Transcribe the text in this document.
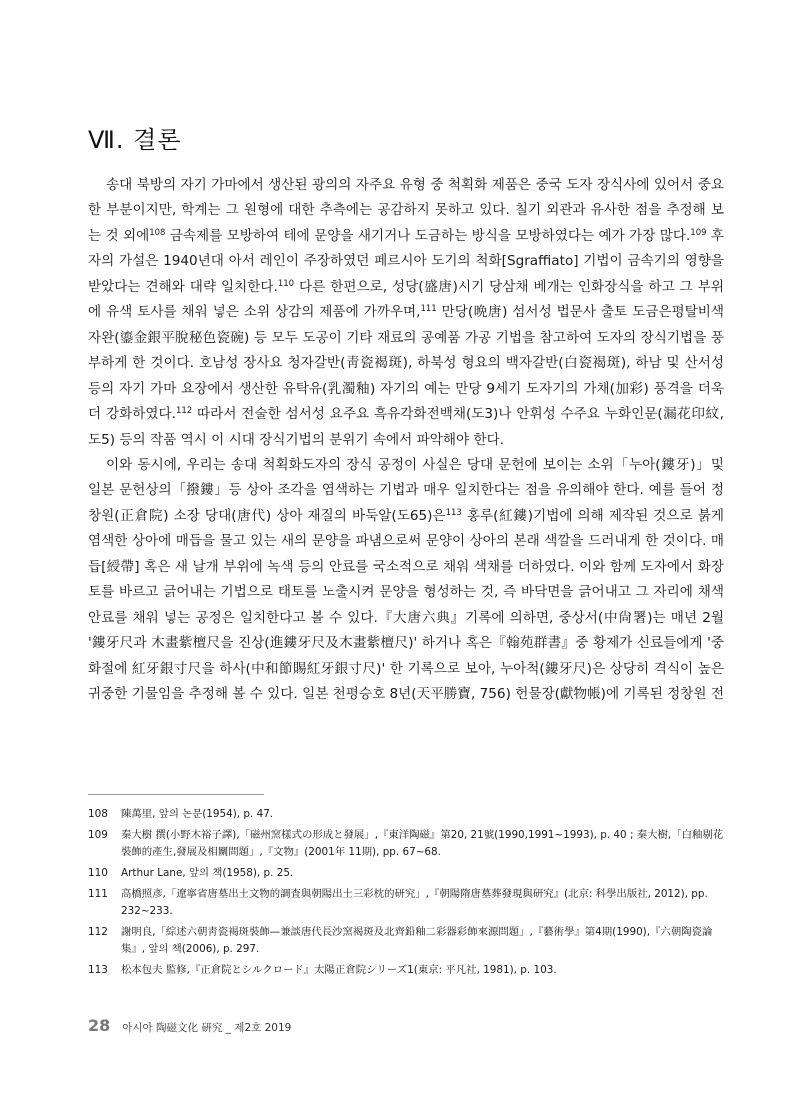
Ⅶ. 결론

송대 북방의 자기 가마에서 생산된 광의의 자주요 유형 중 척획화 제품은 중국 도자 장식사에 있어서 중요한 부분이지만, 학계는 그 원형에 대한 추측에는 공감하지 못하고 있다. 칠기 외관과 유사한 점을 추정해 보는 것 외에$^{108}$ 금속제를 모방하여 테에 문양을 새기거나 도금하는 방식을 모방하였다는 예가 가장 많다.$^{109}$ 후자의 가설은 1940년대 아서 레인이 주장하였던 페르시아 도기의 척화[Sgraffiato] 기법이 금속기의 영향을 받았다는 견해와 대략 일치한다.$^{110}$ 다른 한편으로, 성당(盛唐)시기 당삼채 베개는 인화장식을 하고 그 부위에 유색 토사를 채워 넣은 소위 상감의 제품에 가까우며,$^{111}$ 만당(晩唐) 섬서성 법문사 출토 도금은평탈비색자완(鎏金銀平脫秘色瓷碗) 등 모두 도공이 기타 재료의 공예품 가공 기법을 참고하여 도자의 장식기법을 풍부하게 한 것이다. 호남성 장사요 청자갈반(靑瓷褐斑), 하북성 형요의 백자갈반(白瓷褐斑), 하남 및 산서성 등의 자기 가마 요장에서 생산한 유탁유(乳濁釉) 자기의 예는 만당 9세기 도자기의 가채(加彩) 풍격을 더욱 더 강화하였다.$^{112}$ 따라서 전술한 섬서성 요주요 흑유각화전백채(도3)나 안휘성 수주요 누화인문(漏花印紋, 도5) 등의 작품 역시 이 시대 장식기법의 분위기 속에서 파악해야 한다.

이와 동시에, 우리는 송대 척획화도자의 장식 공정이 사실은 당대 문헌에 보이는 소위「누아(鏤牙)」및 일본 문헌상의「撥鏤」등 상아 조각을 염색하는 기법과 매우 일치한다는 점을 유의해야 한다. 예를 들어 정창원(正倉院) 소장 당대(唐代) 상아 재질의 바둑알(도65)은$^{113}$ 홍루(紅鏤)기법에 의해 제작된 것으로 붉게 염색한 상아에 매듭을 물고 있는 새의 문양을 파냄으로써 문양이 상아의 본래 색깔을 드러내게 한 것이다. 매듭[綬帶] 혹은 새 날개 부위에 녹색 등의 안료를 국소적으로 채워 색채를 더하였다. 이와 함께 도자에서 화장토를 바르고 긁어내는 기법으로 태토를 노출시켜 문양을 형성하는 것, 즉 바닥면을 긁어내고 그 자리에 채색 안료를 채워 넣는 공정은 일치한다고 볼 수 있다.『大唐六典』기록에 의하면, 중상서(中尙署)는 매년 2월 '鏤牙尺과 木畫紫檀尺을 진상(進鏤牙尺及木畫紫檀尺)' 하거나 혹은『翰苑群書』중 황제가 신료들에게 '중화절에 紅牙銀寸尺을 하사(中和節賜紅牙銀寸尺)' 한 기록으로 보아, 누아척(鏤牙尺)은 상당히 격식이 높은 귀중한 기물임을 추정해 볼 수 있다. 일본 천평승호 8년(天平勝寶, 756) 헌물장(獻物帳)에 기록된 정창원 전

108	陳萬里, 앞의 논문(1954), p. 47.
109	秦大樹 撰(小野木裕子譯),「磁州窯樣式の形成と發展」,『東洋陶磁』第20, 21號(1990,1991~1993), p. 40 ; 秦大樹,「白釉剔花裝飾的產生,發展及相關問題」,『文物』(2001年 11期), pp. 67~68.
110	Arthur Lane, 앞의 책(1958), p. 25.
111	高橋照彥,「遼寧省唐墓出土文物的調査與朝陽出土三彩枕的研究」,『朝陽隋唐墓葬發現與研究』(北京: 科學出版社, 2012), pp. 232~233.
112	謝明良,「綜述六朝靑瓷褐斑裝飾—兼談唐代長沙窯褐斑及北齊鉛釉二彩器彩飾來源問題」,『藝術學』第4期(1990),『六朝陶瓷論集』, 앞의 책(2006), p. 297.
113	松本包夫 監修,『正倉院とシルクロード』太陽正倉院シリーズ1(東京: 平凡社, 1981), p. 103.
28 아시아 陶磁文化 硏究 _ 제2호 2019
